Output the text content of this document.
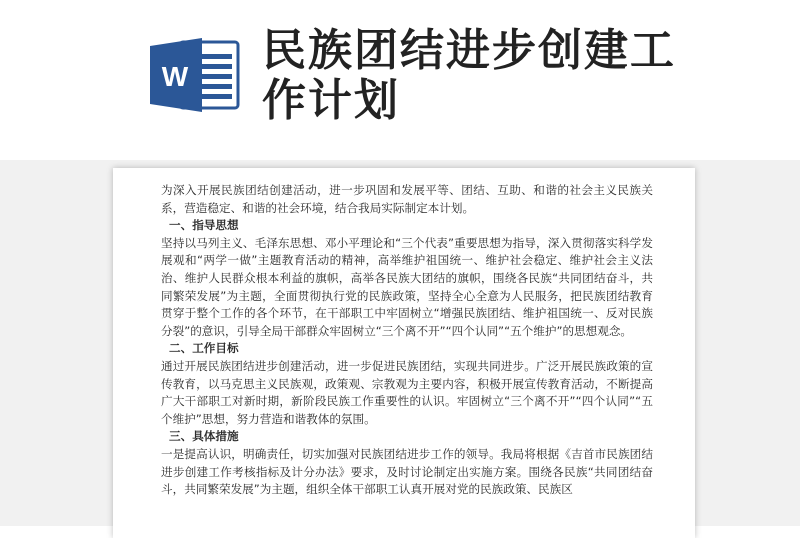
W
民族团结进步创建工作计划

为深入开展民族团结创建活动，进一步巩固和发展平等、团结、互助、和谐的社会主义民族关系，营造稳定、和谐的社会环境，结合我局实际制定本计划。

一、指导思想

坚持以马列主义、毛泽东思想、邓小平理论和“三个代表”重要思想为指导，深入贯彻落实科学发展观和“两学一做”主题教育活动的精神，高举维护祖国统一、维护社会稳定、维护社会主义法治、维护人民群众根本利益的旗帜，高举各民族大团结的旗帜，围绕各民族“共同团结奋斗，共同繁荣发展”为主题，全面贯彻执行党的民族政策，坚持全心全意为人民服务，把民族团结教育贯穿于整个工作的各个环节，在干部职工中牢固树立“增强民族团结、维护祖国统一、反对民族分裂”的意识，引导全局干部群众牢固树立“三个离不开”“四个认同”“五个维护”的思想观念。

二、工作目标

通过开展民族团结进步创建活动，进一步促进民族团结，实现共同进步。广泛开展民族政策的宣传教育，以马克思主义民族观，政策观、宗教观为主要内容，积极开展宣传教育活动，不断提高广大干部职工对新时期，新阶段民族工作重要性的认识。牢固树立“三个离不开”“四个认同”“五个维护”思想，努力营造和谐教体的氛围。

三、具体措施

一是提高认识，明确责任，切实加强对民族团结进步工作的领导。我局将根据《吉首市民族团结进步创建工作考核指标及计分办法》要求，及时讨论制定出实施方案。围绕各民族“共同团结奋斗，共同繁荣发展”为主题，组织全体干部职工认真开展对党的民族政策、民族区
